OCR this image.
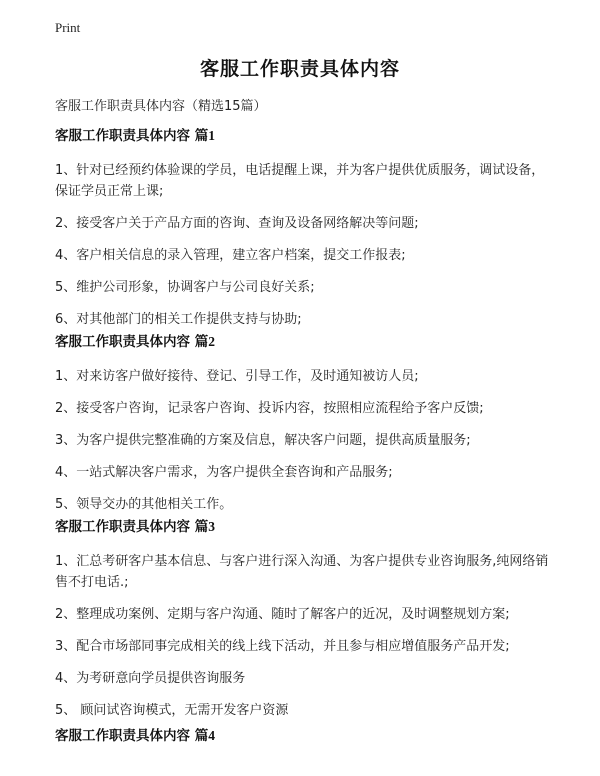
Print
客服工作职责具体内容
客服工作职责具体内容（精选15篇）
客服工作职责具体内容 篇1
1、针对已经预约体验课的学员，电话提醒上课，并为客户提供优质服务，调试设备，保证学员正常上课;
2、接受客户关于产品方面的咨询、查询及设备网络解决等问题;
4、客户相关信息的录入管理，建立客户档案，提交工作报表;
5、维护公司形象，协调客户与公司良好关系;
6、对其他部门的相关工作提供支持与协助;
客服工作职责具体内容 篇2
1、对来访客户做好接待、登记、引导工作，及时通知被访人员;
2、接受客户咨询，记录客户咨询、投诉内容，按照相应流程给予客户反馈;
3、为客户提供完整准确的方案及信息，解决客户问题，提供高质量服务;
4、一站式解决客户需求，为客户提供全套咨询和产品服务;
5、领导交办的其他相关工作。
客服工作职责具体内容 篇3
1、汇总考研客户基本信息、与客户进行深入沟通、为客户提供专业咨询服务,纯网络销售不打电话.;
2、整理成功案例、定期与客户沟通、随时了解客户的近况，及时调整规划方案;
3、配合市场部同事完成相关的线上线下活动，并且参与相应增值服务产品开发;
4、为考研意向学员提供咨询服务
5、 顾问试咨询模式，无需开发客户资源
客服工作职责具体内容 篇4
